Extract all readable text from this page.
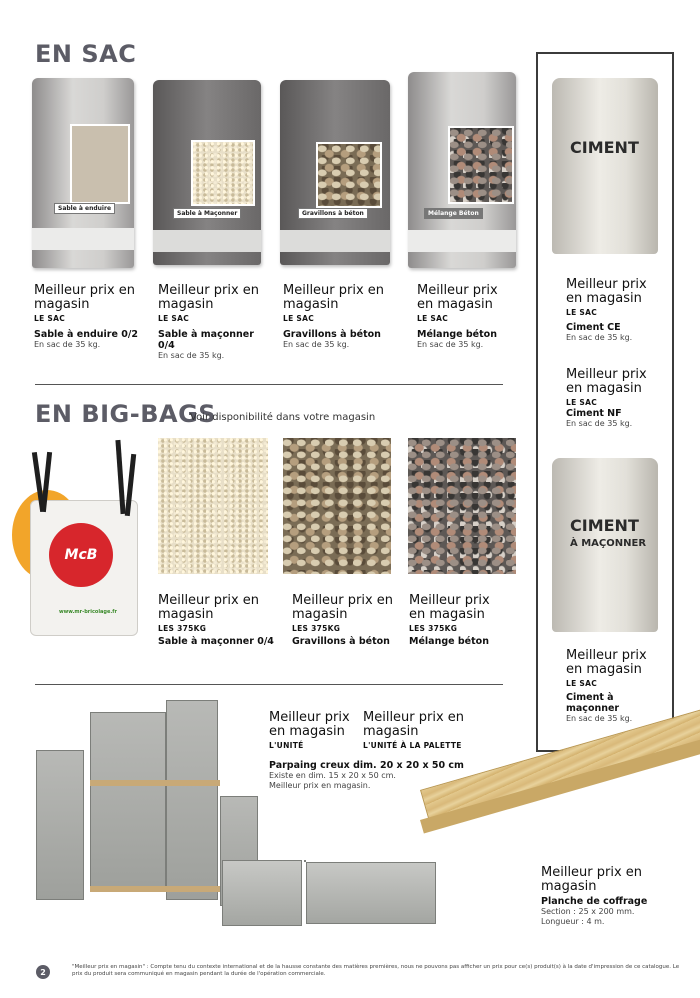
EN SAC
Sable à enduire
Sable à Maçonner	Gravillons à béton	Mélange Béton
Meilleur prix en magasin
LE SAC
Sable à enduire 0/2
En sac de 35 kg.
Meilleur prix en magasin
LE SAC
Sable à maçonner 0/4
En sac de 35 kg.
Meilleur prix en magasin
LE SAC
Gravillons à béton
En sac de 35 kg.
Meilleur prix en magasin
LE SAC
Mélange béton
En sac de 35 kg.
CIMENT
Meilleur prix en magasin
LE SAC
Ciment CE
En sac de 35 kg.
Meilleur prix en magasin
LE SAC
Ciment NF
En sac de 35 kg.
CIMENT
À MAÇONNER
Meilleur prix en magasin
LE SAC
Ciment à maçonner
En sac de 35 kg.
EN BIG-BAGS
Voir disponibilité dans votre magasin
McB
www.mr-bricolage.fr
Meilleur prix en magasin
LES 375KG
Sable à maçonner 0/4
Meilleur prix en magasin
LES 375KG
Gravillons à béton
Meilleur prix en magasin
LES 375KG
Mélange béton
Meilleur prix en magasin
L'UNITÉ
Meilleur prix en magasin
L'UNITÉ À LA PALETTE
Parpaing creux dim. 20 x 20 x 50 cm
Existe en dim. 15 x 20 x 50 cm.
Meilleur prix en magasin.
Meilleur prix en magasin
Planche de coffrage
Section : 25 x 200 mm.
Longueur : 4 m.
2
"Meilleur prix en magasin" : Compte tenu du contexte international et de la hausse constante des matières premières, nous ne pouvons pas afficher un prix pour ce(s) produit(s) à la date d'impression de ce catalogue. Le prix du produit sera communiqué en magasin pendant la durée de l'opération commerciale.
